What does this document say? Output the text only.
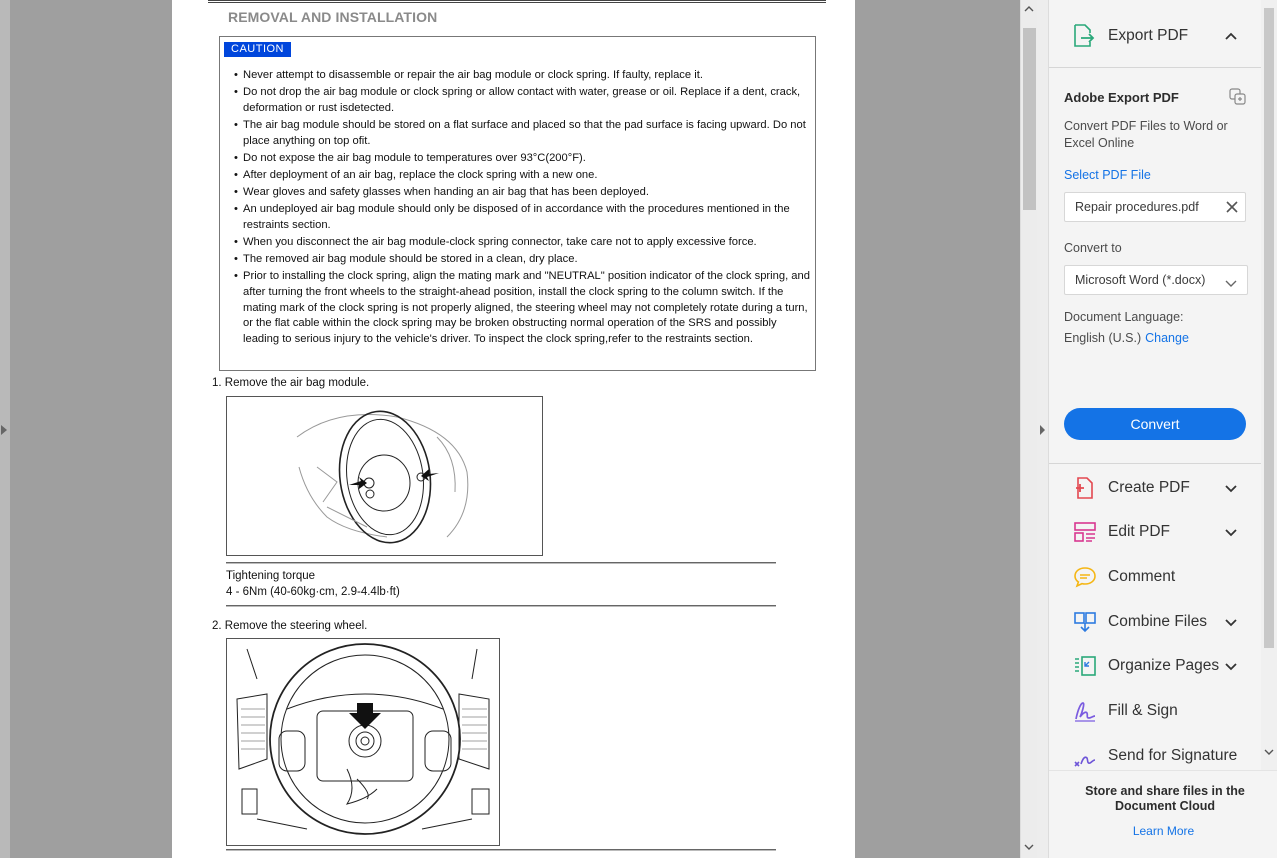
REMOVAL AND INSTALLATION
CAUTION
• Never attempt to disassemble or repair the air bag module or clock spring. If faulty, replace it.
• Do not drop the air bag module or clock spring or allow contact with water, grease or oil. Replace if a dent, crack, deformation or rust isdetected.
• The air bag module should be stored on a flat surface and placed so that the pad surface is facing upward. Do not place anything on top ofit.
• Do not expose the air bag module to temperatures over 93°C(200°F).
• After deployment of an air bag, replace the clock spring with a new one.
• Wear gloves and safety glasses when handing an air bag that has been deployed.
• An undeployed air bag module should only be disposed of in accordance with the procedures mentioned in the restraints section.
• When you disconnect the air bag module-clock spring connector, take care not to apply excessive force.
• The removed air bag module should be stored in a clean, dry place.
• Prior to installing the clock spring, align the mating mark and "NEUTRAL" position indicator of the clock spring, and after turning the front wheels to the straight-ahead position, install the clock spring to the column switch. If the mating mark of the clock spring is not properly aligned, the steering wheel may not completely rotate during a turn, or the flat cable within the clock spring may be broken obstructing normal operation of the SRS and possibly leading to serious injury to the vehicle's driver. To inspect the clock spring,refer to the restraints section.
1. Remove the air bag module.
Tightening torque
4 - 6Nm (40-60kg·cm, 2.9-4.4lb·ft)
2. Remove the steering wheel.
Export PDF
Adobe Export PDF
Convert PDF Files to Word or Excel Online
Select PDF File
Repair procedures.pdf
Convert to
Microsoft Word (*.docx)
Document Language:
English (U.S.) Change
Convert
Create PDF
Edit PDF
Comment
Combine Files
Organize Pages
Fill & Sign
Send for Signature
Store and share files in the Document Cloud
Learn More
